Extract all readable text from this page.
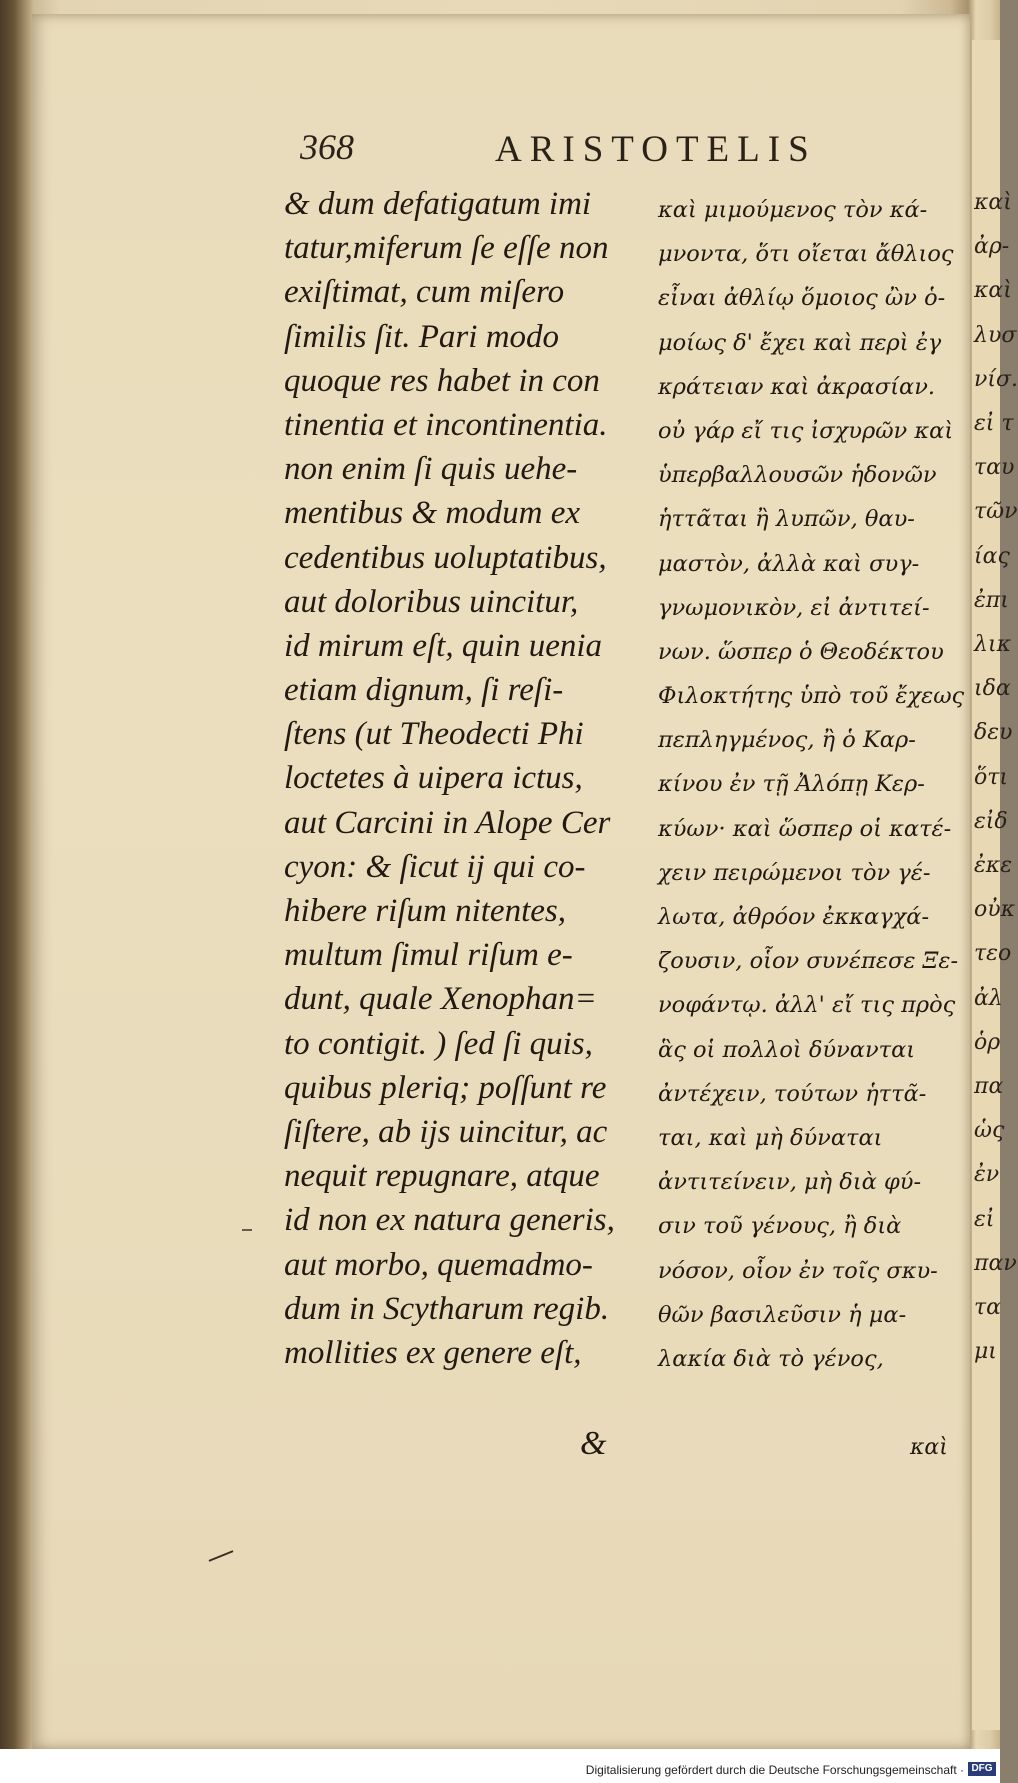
καὶ
ἀρ-
καὶ
λυσ
νίσ.
εἰ τ
ταυ
τῶν
ίας
ἐπι
λικ
ιδα
δευ
ὅτι
εἰδ
ἐκε
οὐκ
τεο
ἀλ
ὁρ
πα
ὡς
ἐν
εἰ
παν
τα
μι
368	ARISTOTELIS
& dum defatigatum imi
tatur,miferum ſe eſſe non
exiſtimat, cum miſero
ſimilis ſit. Pari modo
quoque res habet in con
tinentia et incontinentia.
non enim ſi quis uehe-
mentibus & modum ex
cedentibus uoluptatibus,
aut doloribus uincitur,
id mirum eſt, quin uenia
etiam dignum, ſi reſi-
ſtens (ut Theodecti Phi
loctetes à uipera ictus,
aut Carcini in Alope Cer
cyon: & ſicut ij qui co-
hibere riſum nitentes,
multum ſimul riſum e-
dunt, quale Xenophan=
to contigit. ) ſed ſi quis,
quibus pleriq; poſſunt re
ſiſtere, ab ijs uincitur, ac
nequit repugnare, atque
id non ex natura generis,
aut morbo, quemadmo-
dum in Scytharum regib.
mollities ex genere eſt,
καὶ μιμούμενος τὸν κά-
μνοντα, ὅτι οἴεται ἄθλιος
εἶναι ἀθλίῳ ὅμοιος ὢν ὁ-
μοίως δ' ἔχει καὶ περὶ ἐγ
κράτειαν καὶ ἀκρασίαν.
οὐ γάρ εἴ τις ἰσχυρῶν καὶ
ὑπερβαλλουσῶν ἡδονῶν
ἡττᾶται ἢ λυπῶν, θαυ-
μαστὸν, ἀλλὰ καὶ συγ-
γνωμονικὸν, εἰ ἀντιτεί-
νων. ὥσπερ ὁ Θεοδέκτου
Φιλοκτήτης ὑπὸ τοῦ ἔχεως
πεπληγμένος, ἢ ὁ Καρ-
κίνου ἐν τῇ Ἀλόπῃ Κερ-
κύων· καὶ ὥσπερ οἱ κατέ-
χειν πειρώμενοι τὸν γέ-
λωτα, ἀθρόον ἐκκαγχά-
ζουσιν, οἷον συνέπεσε Ξε-
νοφάντῳ. ἀλλ' εἴ τις πρὸς
ἃς οἱ πολλοὶ δύνανται
ἀντέχειν, τούτων ἡττᾶ-
ται, καὶ μὴ δύναται
ἀντιτείνειν, μὴ διὰ φύ-
σιν τοῦ γένους, ἢ διὰ
νόσον, οἷον ἐν τοῖς σκυ-
θῶν βασιλεῦσιν ἡ μα-
λακία διὰ τὸ γένος,
&	καὶ
Digitalisierung gefördert durch die Deutsche Forschungsgemeinschaft · DFG
